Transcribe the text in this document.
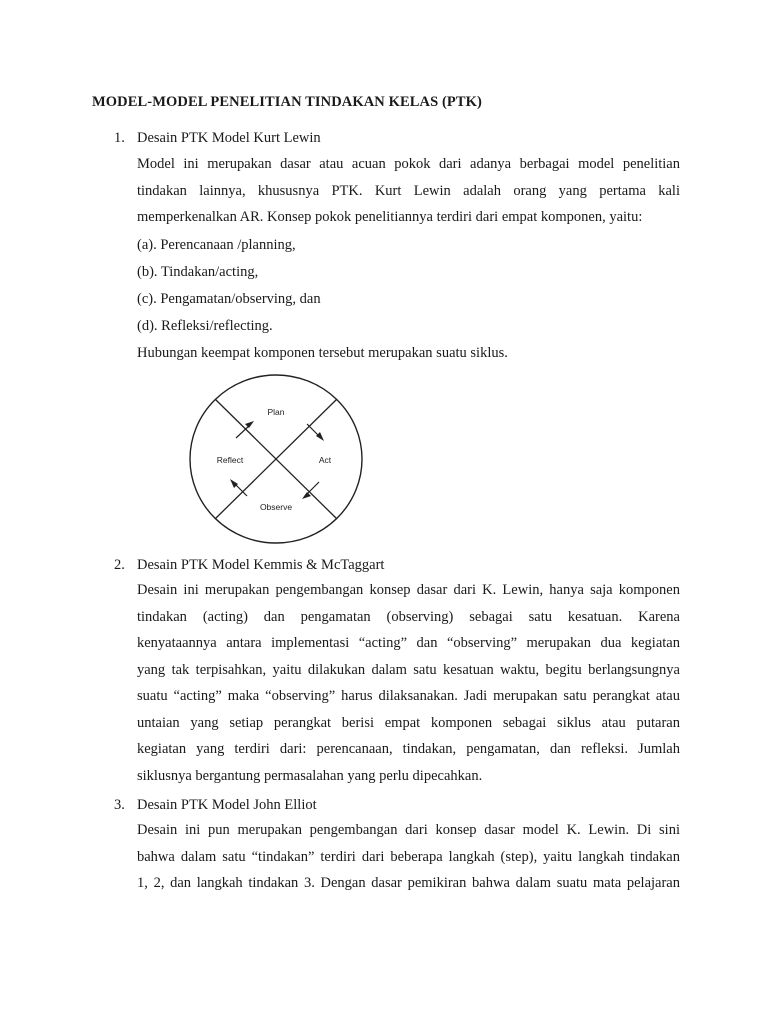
MODEL-MODEL PENELITIAN TINDAKAN KELAS (PTK)
1. Desain PTK Model Kurt Lewin
Model ini merupakan dasar atau acuan pokok dari adanya berbagai model penelitian
tindakan lainnya, khususnya PTK. Kurt Lewin adalah orang yang pertama kali
memperkenalkan AR. Konsep pokok penelitiannya terdiri dari empat komponen, yaitu:
(a). Perencanaan /planning,
(b). Tindakan/acting,
(c). Pengamatan/observing, dan
(d). Refleksi/reflecting.
Hubungan keempat komponen tersebut merupakan suatu siklus.
Plan
Reflect	Act
Observe
2. Desain PTK Model Kemmis & McTaggart
Desain ini merupakan pengembangan konsep dasar dari K. Lewin, hanya saja komponen
tindakan (acting) dan pengamatan (observing) sebagai satu kesatuan. Karena
kenyataannya antara implementasi “acting” dan “observing” merupakan dua kegiatan
yang tak terpisahkan, yaitu dilakukan dalam satu kesatuan waktu, begitu berlangsungnya
suatu “acting” maka “observing” harus dilaksanakan. Jadi merupakan satu perangkat atau
untaian yang setiap perangkat berisi empat komponen sebagai siklus atau putaran
kegiatan yang terdiri dari: perencanaan, tindakan, pengamatan, dan refleksi. Jumlah
siklusnya bergantung permasalahan yang perlu dipecahkan.
3. Desain PTK Model John Elliot
Desain ini pun merupakan pengembangan dari konsep dasar model K. Lewin. Di sini
bahwa dalam satu “tindakan” terdiri dari beberapa langkah (step), yaitu langkah tindakan
1, 2, dan langkah tindakan 3. Dengan dasar pemikiran bahwa dalam suatu mata pelajaran
